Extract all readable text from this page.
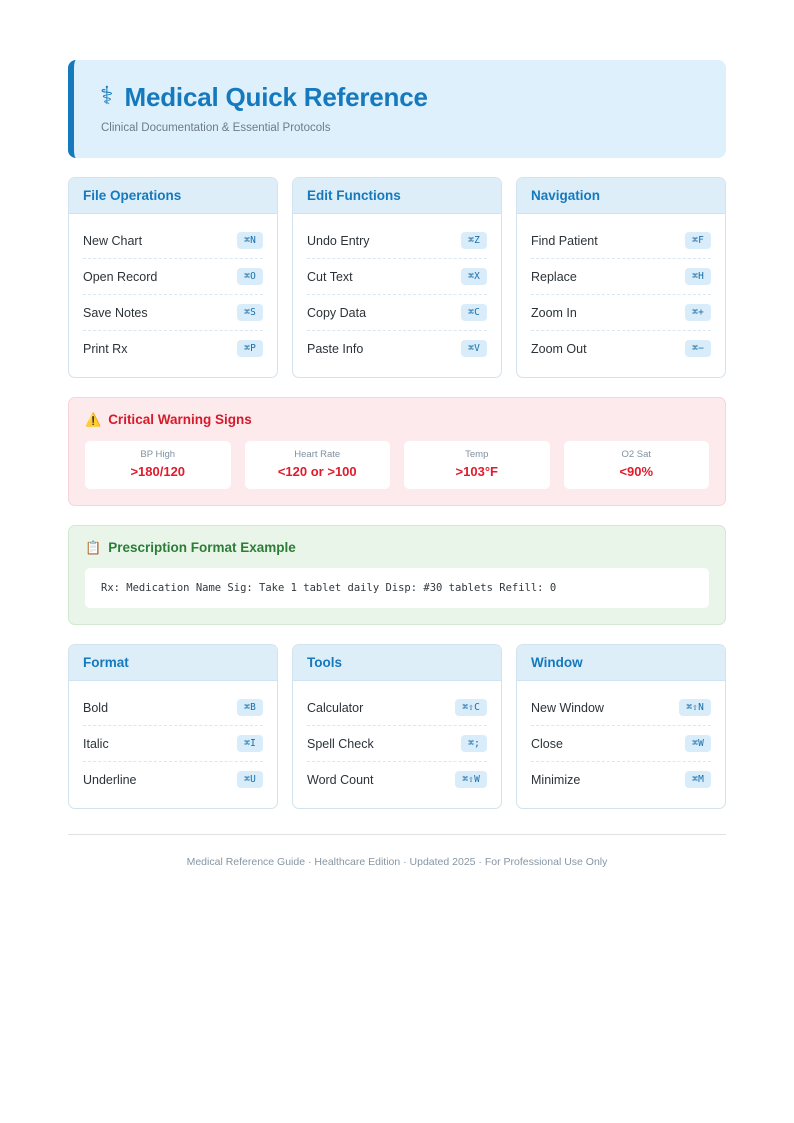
⚕ Medical Quick Reference
Clinical Documentation & Essential Protocols
File Operations
New Chart	⌘N
Open Record	⌘O
Save Notes	⌘S
Print Rx	⌘P
Edit Functions
Undo Entry	⌘Z
Cut Text	⌘X
Copy Data	⌘C
Paste Info	⌘V
Navigation
Find Patient	⌘F
Replace	⌘H
Zoom In	⌘+
Zoom Out	⌘−
⚠️ Critical Warning Signs
BP High
>180/120
Heart Rate
<120 or >100
Temp
>103°F
O2 Sat
<90%
📋 Prescription Format Example
Rx: Medication Name Sig: Take 1 tablet daily Disp: #30 tablets Refill: 0
Format
Bold	⌘B
Italic	⌘I
Underline	⌘U
Tools
Calculator	⌘⇧C
Spell Check	⌘;
Word Count	⌘⇧W
Window
New Window	⌘⇧N
Close	⌘W
Minimize	⌘M
Medical Reference Guide · Healthcare Edition · Updated 2025 · For Professional Use Only
